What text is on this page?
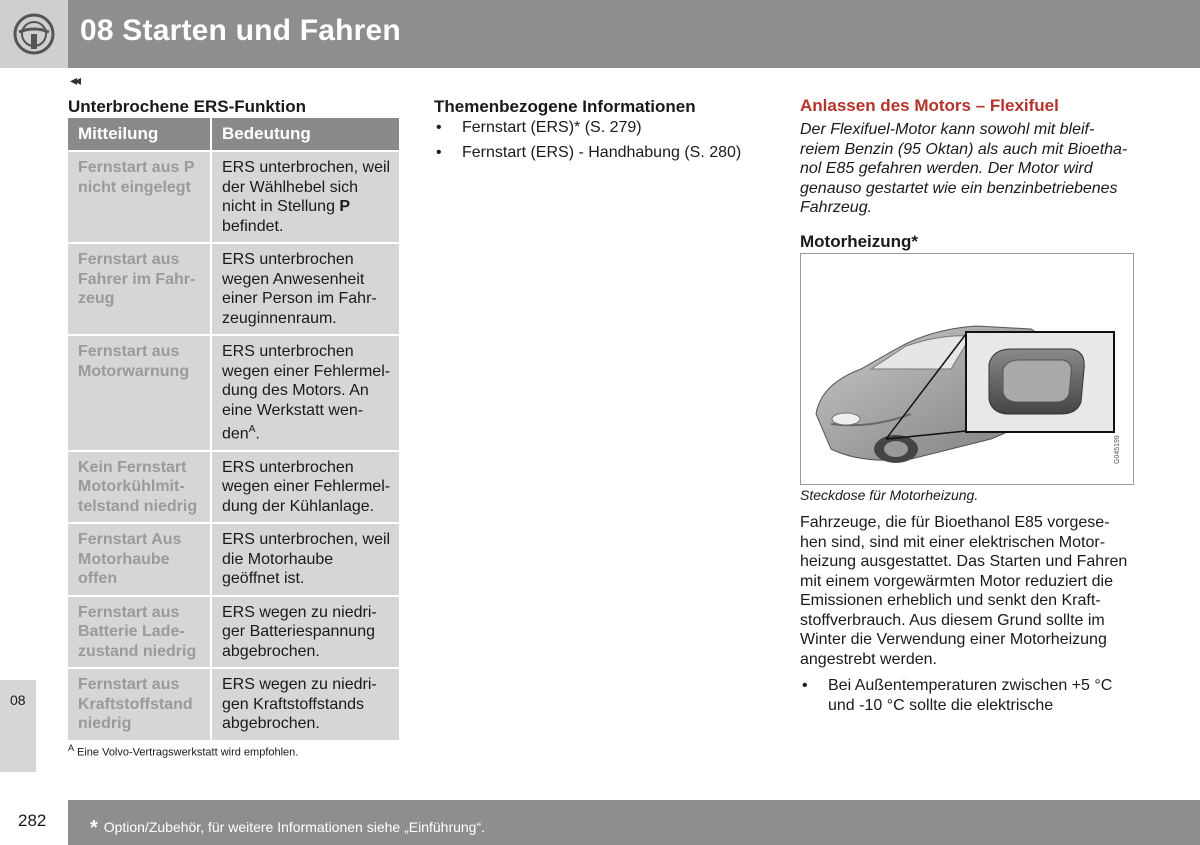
08 Starten und Fahren
◂◂
Unterbrochene ERS-Funktion
Mitteilung	Bedeutung
Fernstart aus P nicht eingelegt	ERS unterbrochen, weil der Wählhebel sich nicht in Stellung P befindet.
Fernstart aus Fahrer im Fahr-zeug	ERS unterbrochen wegen Anwesenheit einer Person im Fahr-zeuginnenraum.
Fernstart aus Motorwarnung	ERS unterbrochen wegen einer Fehlermel-dung des Motors. An eine Werkstatt wen-den$^A$.
Kein Fernstart Motorkühlmit-telstand niedrig	ERS unterbrochen wegen einer Fehlermel-dung der Kühlanlage.
Fernstart Aus Motorhaube offen	ERS unterbrochen, weil die Motorhaube geöffnet ist.
Fernstart aus Batterie Lade-zustand niedrig	ERS wegen zu niedri-ger Batteriespannung abgebrochen.
Fernstart aus Kraftstoffstand niedrig	ERS wegen zu niedri-gen Kraftstoffstands abgebrochen.
$^A$ Eine Volvo-Vertragswerkstatt wird empfohlen.
Themenbezogene Informationen
• Fernstart (ERS)* (S. 279)
• Fernstart (ERS) - Handhabung (S. 280)
Anlassen des Motors – Flexifuel
Der Flexifuel-Motor kann sowohl mit bleif-reiem Benzin (95 Oktan) als auch mit Bioetha-nol E85 gefahren werden. Der Motor wird genauso gestartet wie ein benzinbetriebenes Fahrzeug.
Motorheizung*
G045199
Steckdose für Motorheizung.
Fahrzeuge, die für Bioethanol E85 vorgese-hen sind, sind mit einer elektrischen Motor-heizung ausgestattet. Das Starten und Fahren mit einem vorgewärmten Motor reduziert die Emissionen erheblich und senkt den Kraft-stoffverbrauch. Aus diesem Grund sollte im Winter die Verwendung einer Motorheizung angestrebt werden.
• Bei Außentemperaturen zwischen +5 °C und -10 °C sollte die elektrische
08
282 * Option/Zubehör, für weitere Informationen siehe „Einführung“.
